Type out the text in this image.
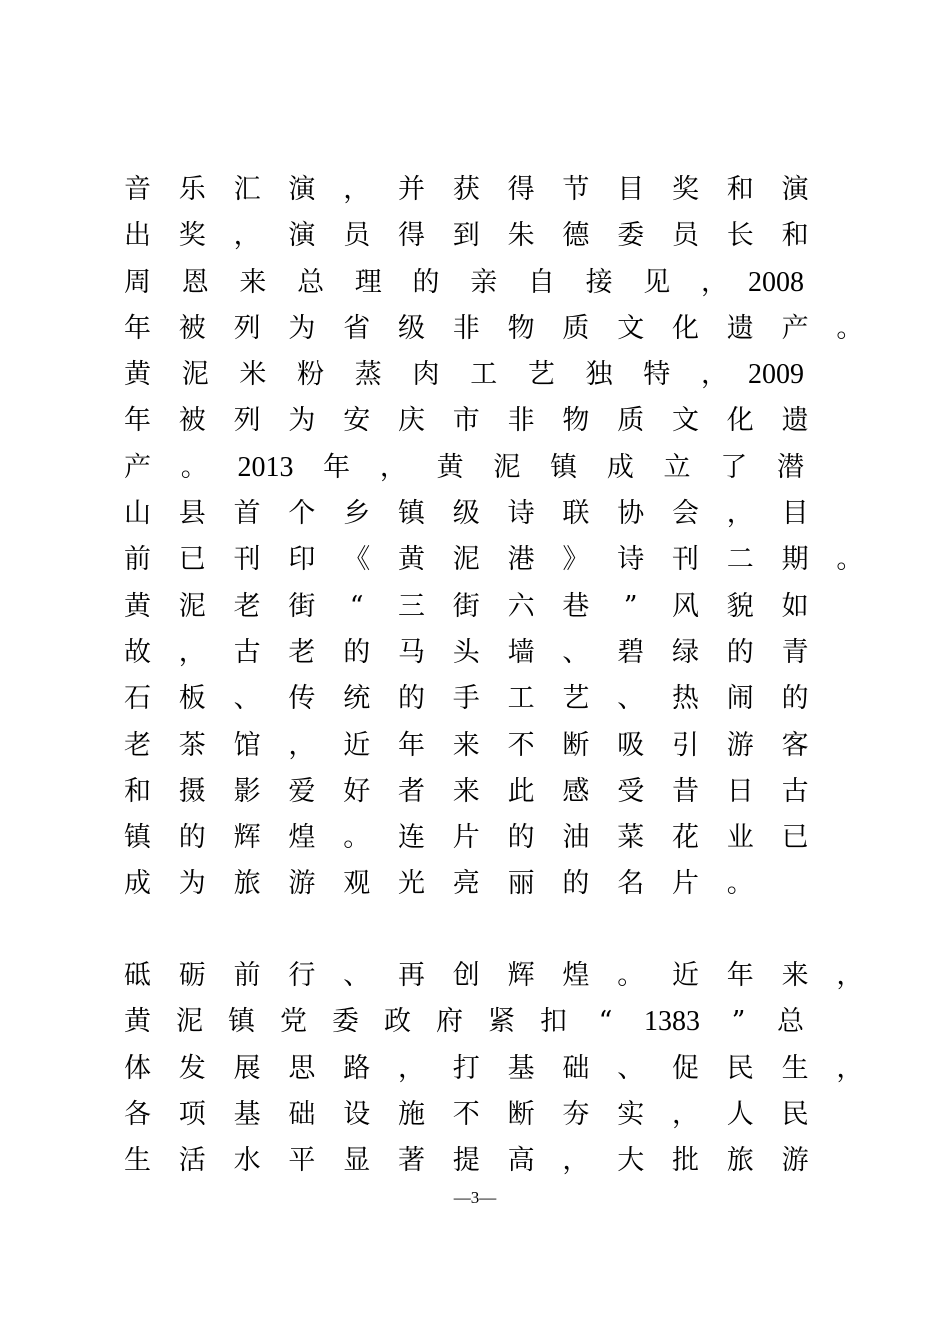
音 乐 汇 演 ， 并 获 得 节 目 奖 和 演
出 奖 ， 演 员 得 到 朱 德 委 员 长 和
周 恩 来 总 理 的 亲 自 接 见 ， 2008
年 被 列 为 省 级 非 物 质 文 化 遗 产 。
黄 泥 米 粉 蒸 肉 工 艺 独 特 ， 2009
年 被 列 为 安 庆 市 非 物 质 文 化 遗
产 。 2013 年 ， 黄 泥 镇 成 立 了 潜
山 县 首 个 乡 镇 级 诗 联 协 会 ， 目
前 已 刊 印 《 黄 泥 港 》 诗 刊 二 期 。
黄 泥 老 街 “ 三 街 六 巷 ” 风 貌 如
故 ， 古 老 的 马 头 墙 、 碧 绿 的 青
石 板 、 传 统 的 手 工 艺 、 热 闹 的
老 茶 馆 ， 近 年 来 不 断 吸 引 游 客
和 摄 影 爱 好 者 来 此 感 受 昔 日 古
镇 的 辉 煌 。 连 片 的 油 菜 花 业 已
成 为 旅 游 观 光 亮 丽 的 名 片 。
砥 砺 前 行 、 再 创 辉 煌 。 近 年 来 ，
黄 泥 镇 党 委 政 府 紧 扣 “ 1383 ” 总
体 发 展 思 路 ， 打 基 础 、 促 民 生 ，
各 项 基 础 设 施 不 断 夯 实 ， 人 民
生 活 水 平 显 著 提 高 ， 大 批 旅 游
—3—
